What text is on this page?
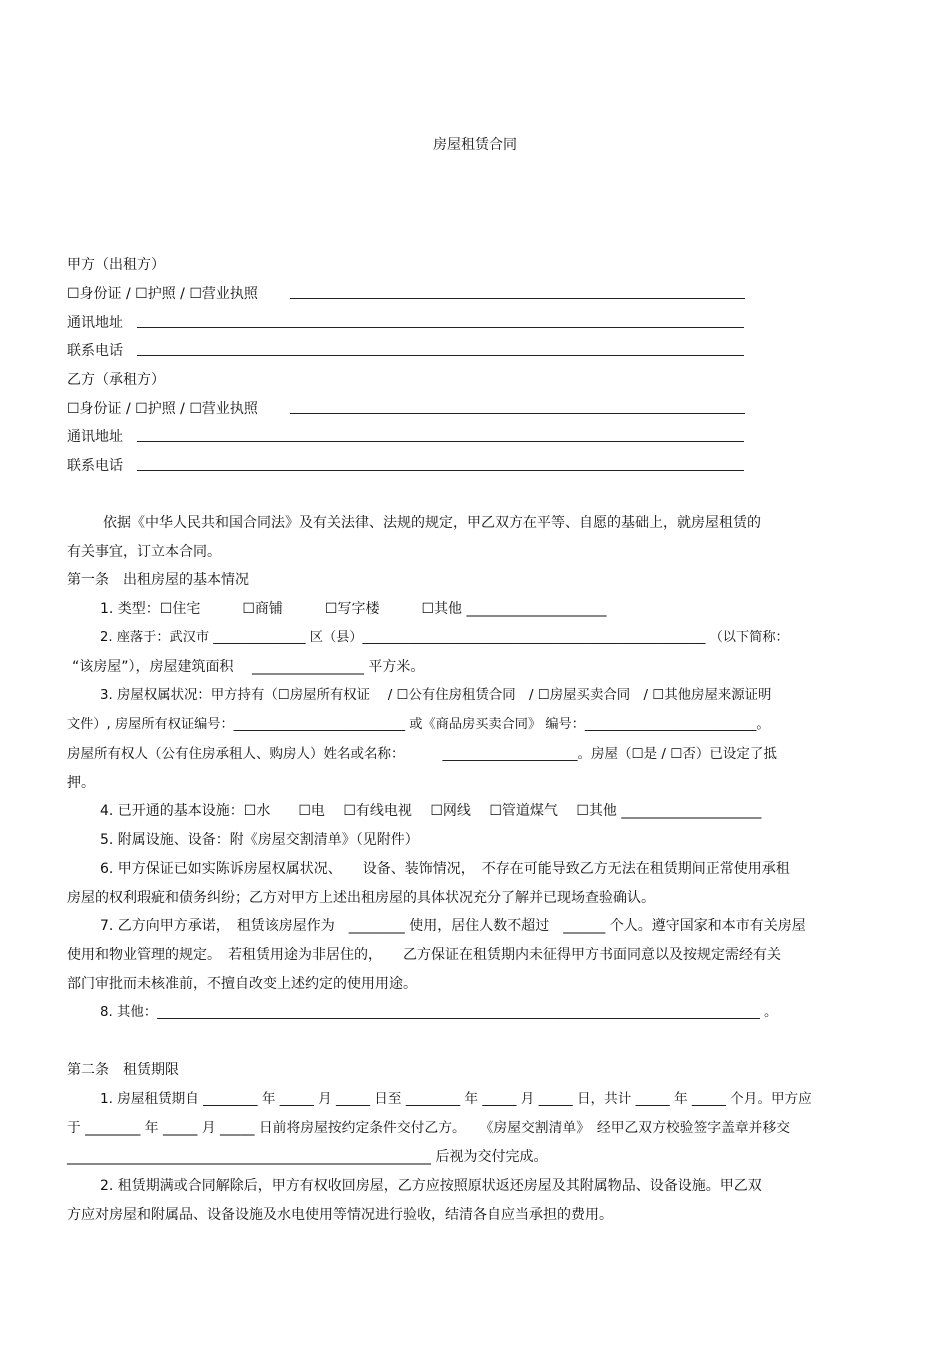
房屋租赁合同
甲方（出租方）
☐身份证 / ☐护照 / ☐营业执照
通讯地址
联系电话
乙方（承租方）
☐身份证 / ☐护照 / ☐营业执照
通讯地址
联系电话
依据《中华人民共和国合同法》及有关法律、法规的规定，甲乙双方在平等、自愿的基础上，就房屋租赁的
有关事宜，订立本合同。
第一条　出租房屋的基本情况
1. 类型：☐住宅　　　☐商铺　　　☐写字楼　　　☐其他 ____________________
2. 座落于：武汉市 ______________ 区（县）____________________________________________________ （以下简称：
“该房屋”），房屋建筑面积　 ________________ 平方米。
3. 房屋权属状况：甲方持有（☐房屋所有权证　 / ☐公有住房租赁合同　/ ☐房屋买卖合同　/ ☐其他房屋来源证明
文件）, 房屋所有权证编号：__________________________ 或《商品房买卖合同》 编号：__________________________。
房屋所有权人（公有住房承租人、购房人）姓名或名称：　　　 ____________________。房屋（☐是 / ☐否）已设定了抵
押。
4. 已开通的基本设施：☐水　　☐电　 ☐有线电视　 ☐网线　 ☐管道煤气　 ☐其他 ____________________
5. 附属设施、设备：附《房屋交割清单》（见附件）
6. 甲方保证已如实陈诉房屋权属状况、　　设备、装饰情况，　不存在可能导致乙方无法在租赁期间正常使用承租
房屋的权利瑕疵和债务纠纷；乙方对甲方上述出租房屋的具体状况充分了解并已现场查验确认。
7. 乙方向甲方承诺，　租赁该房屋作为　________ 使用，居住人数不超过　______ 个人。遵守国家和本市有关房屋
使用和物业管理的规定。　若租赁用途为非居住的，　　乙方保证在租赁期内未征得甲方书面同意以及按规定需经有关
部门审批而未核准前，不擅自改变上述约定的使用用途。
8. 其他：__________________________________________________________________________________________ 。
第二条　租赁期限
1. 房屋租赁期自 ________ 年 _____ 月 _____ 日至 ________ 年 _____ 月 _____ 日，共计 _____ 年 _____ 个月。甲方应
于 ________ 年 _____ 月 _____ 日前将房屋按约定条件交付乙方。　　《房屋交割清单》　经甲乙双方校验签字盖章并移交
____________________________________________________ 后视为交付完成。
2. 租赁期满或合同解除后，甲方有权收回房屋，乙方应按照原状返还房屋及其附属物品、设备设施。甲乙双
方应对房屋和附属品、设备设施及水电使用等情况进行验收，结清各自应当承担的费用。
